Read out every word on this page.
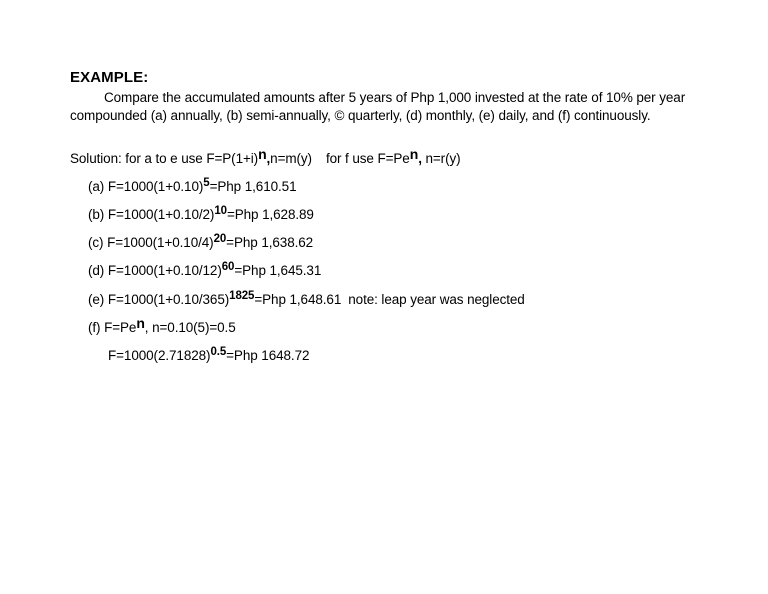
EXAMPLE:
Compare the accumulated amounts after 5 years of Php 1,000 invested at the rate of 10% per year compounded (a) annually, (b) semi-annually, © quarterly, (d) monthly, (e) daily, and (f) continuously.
Solution: for a to e use F=P(1+i)n,n=m(y) for f use F=Pen, n=r(y)
(a) $F=1000(1+0.10)^5=Php$ 1,610.51
(b) $F=1000(1+0.10/2)^{10}=Php$ 1,628.89
(c) $F=1000(1+0.10/4)^{20}=Php$ 1,638.62
(d) $F=1000(1+0.10/12)^{60}=Php$ 1,645.31
(e) $F=1000(1+0.10/365)^{1825}=Php$ 1,648.61 note: leap year was neglected
(f) F=Pen, n=0.10(5)=0.5
$F=1000(2.71828)^{0.5}=Php$ 1648.72
